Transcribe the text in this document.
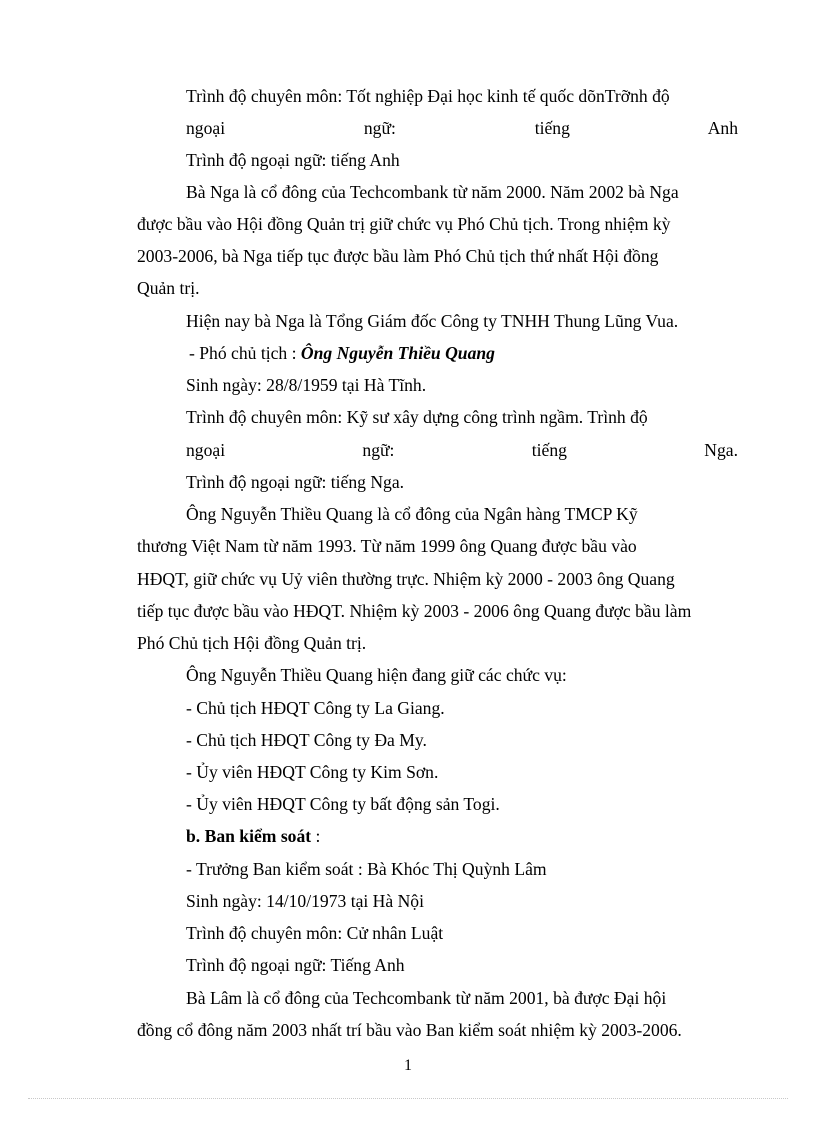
Trình độ chuyên môn: Tốt nghiệp Đại học kinh tế quốc dõnTrỡnh độ
ngoại ngữ: tiếng Anh
Trình độ ngoại ngữ: tiếng Anh
Bà Nga là cổ đông của Techcombank từ năm 2000. Năm 2002 bà Nga
được bầu vào Hội đồng Quản trị giữ chức vụ Phó Chủ tịch. Trong nhiệm kỳ
2003-2006, bà Nga tiếp tục được bầu làm Phó Chủ tịch thứ nhất Hội đồng
Quản trị.
Hiện nay bà Nga là Tổng Giám đốc Công ty TNHH Thung Lũng Vua.
- Phó chủ tịch : Ông Nguyễn Thiều Quang
Sinh ngày: 28/8/1959 tại Hà Tĩnh.
Trình độ chuyên môn: Kỹ sư xây dựng công trình ngầm. Trình độ
ngoại ngữ: tiếng Nga.
Trình độ ngoại ngữ: tiếng Nga.
Ông Nguyễn Thiều Quang là cổ đông của Ngân hàng TMCP Kỹ
thương Việt Nam từ năm 1993. Từ năm 1999 ông Quang được bầu vào
HĐQT, giữ chức vụ Uỷ viên thường trực. Nhiệm kỳ 2000 - 2003 ông Quang
tiếp tục được bầu vào HĐQT. Nhiệm kỳ 2003 - 2006 ông Quang được bầu làm
Phó Chủ tịch Hội đồng Quản trị.
Ông Nguyễn Thiều Quang hiện đang giữ các chức vụ:
- Chủ tịch HĐQT Công ty La Giang.
- Chủ tịch HĐQT Công ty Đa My.
- Ủy viên HĐQT Công ty Kim Sơn.
- Ủy viên HĐQT Công ty bất động sản Togi.
b. Ban kiểm soát :
- Trưởng Ban kiểm soát : Bà Khóc Thị Quỳnh Lâm
Sinh ngày: 14/10/1973 tại Hà Nội
Trình độ chuyên môn: Cử nhân Luật
Trình độ ngoại ngữ: Tiếng Anh
Bà Lâm là cổ đông của Techcombank từ năm 2001, bà được Đại hội
đồng cổ đông năm 2003 nhất trí bầu vào Ban kiểm soát nhiệm kỳ 2003-2006.
1
